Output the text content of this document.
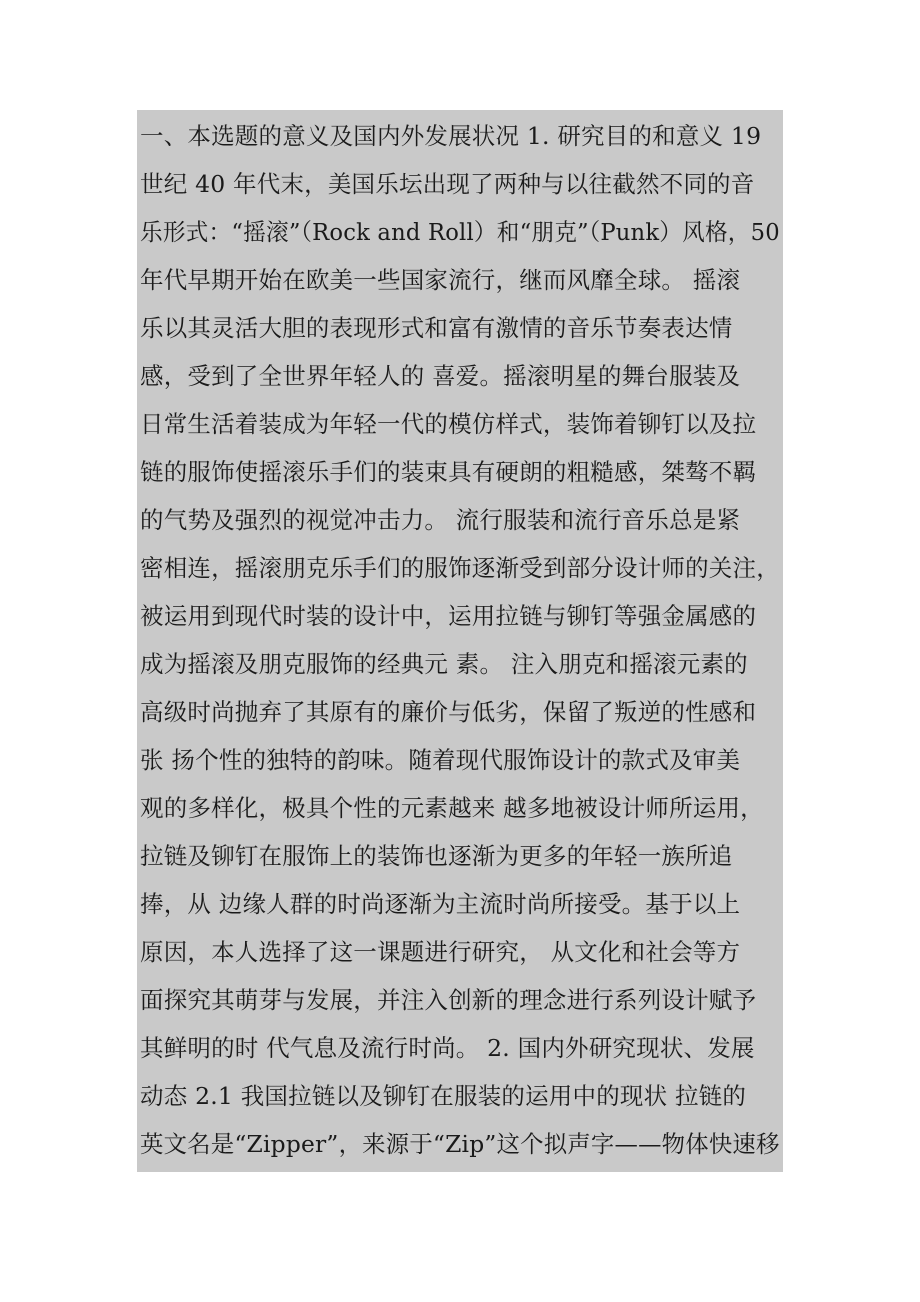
一、本选题的意义及国内外发展状况 1. 研究目的和意义 19
世纪 40 年代末，美国乐坛出现了两种与以往截然不同的音
乐形式：“摇滚”（Rock and Roll）和“朋克”（Punk）风格，50
年代早期开始在欧美一些国家流行，继而风靡全球。 摇滚
乐以其灵活大胆的表现形式和富有激情的音乐节奏表达情
感，受到了全世界年轻人的 喜爱。摇滚明星的舞台服装及
日常生活着装成为年轻一代的模仿样式，装饰着铆钉以及拉
链的服饰使摇滚乐手们的装束具有硬朗的粗糙感，桀骜不羁
的气势及强烈的视觉冲击力。 流行服装和流行音乐总是紧
密相连，摇滚朋克乐手们的服饰逐渐受到部分设计师的关注，
被运用到现代时装的设计中，运用拉链与铆钉等强金属感的
成为摇滚及朋克服饰的经典元 素。 注入朋克和摇滚元素的
高级时尚抛弃了其原有的廉价与低劣，保留了叛逆的性感和
张 扬个性的独特的韵味。随着现代服饰设计的款式及审美
观的多样化，极具个性的元素越来 越多地被设计师所运用，
拉链及铆钉在服饰上的装饰也逐渐为更多的年轻一族所追
捧，从 边缘人群的时尚逐渐为主流时尚所接受。基于以上
原因，本人选择了这一课题进行研究， 从文化和社会等方
面探究其萌芽与发展，并注入创新的理念进行系列设计赋予
其鲜明的时 代气息及流行时尚。 2. 国内外研究现状、发展
动态 2.1 我国拉链以及铆钉在服装的运用中的现状 拉链的
英文名是“Zipper”，来源于“Zip”这个拟声字——物体快速移
